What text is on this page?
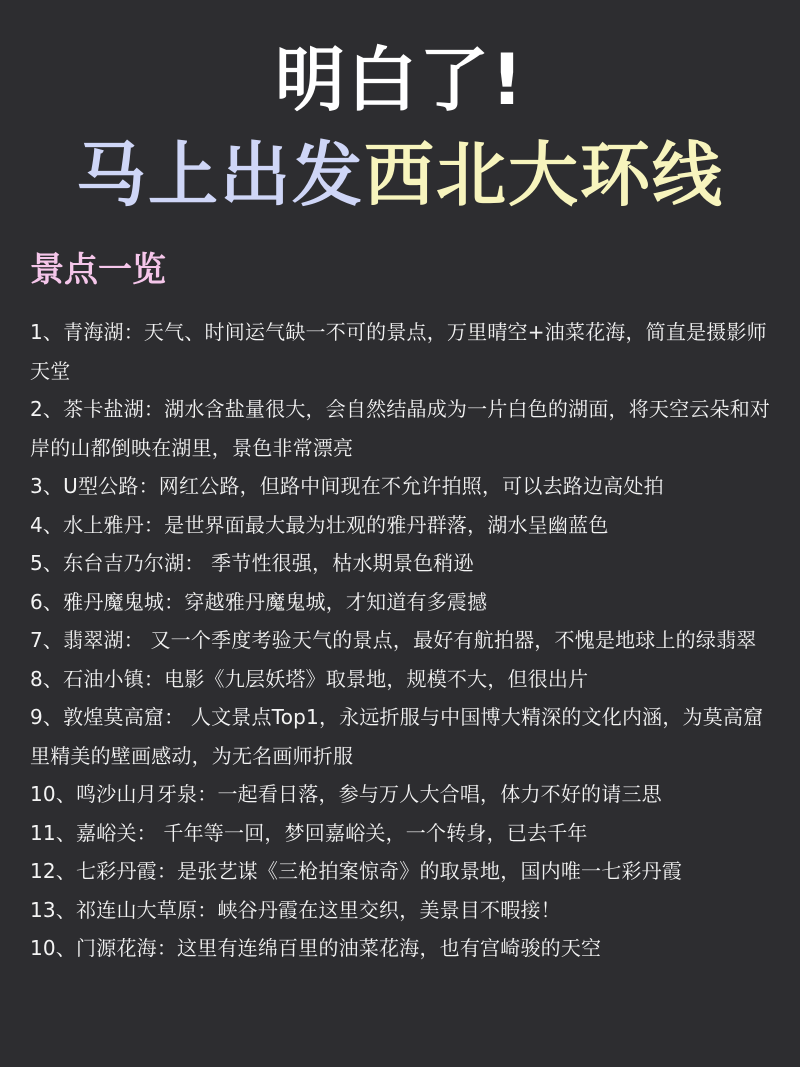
明白了!
马上出发西北大环线
景点一览
1、青海湖：天气、时间运气缺一不可的景点，万里晴空+油菜花海，简直是摄影师天堂
2、茶卡盐湖：湖水含盐量很大，会自然结晶成为一片白色的湖面，将天空云朵和对岸的山都倒映在湖里，景色非常漂亮
3、U型公路：网红公路，但路中间现在不允许拍照，可以去路边高处拍
4、水上雅丹：是世界面最大最为壮观的雅丹群落，湖水呈幽蓝色
5、东台吉乃尔湖： 季节性很强，枯水期景色稍逊
6、雅丹魔鬼城：穿越雅丹魔鬼城，才知道有多震撼
7、翡翠湖： 又一个季度考验天气的景点，最好有航拍器，不愧是地球上的绿翡翠
8、石油小镇：电影《九层妖塔》取景地，规模不大，但很出片
9、敦煌莫高窟： 人文景点Top1，永远折服与中国博大精深的文化内涵，为莫高窟里精美的壁画感动，为无名画师折服
10、鸣沙山月牙泉：一起看日落，参与万人大合唱，体力不好的请三思
11、嘉峪关： 千年等一回，梦回嘉峪关，一个转身，已去千年
12、七彩丹霞：是张艺谋《三枪拍案惊奇》的取景地，国内唯一七彩丹霞
13、祁连山大草原：峡谷丹霞在这里交织，美景目不暇接！
10、门源花海：这里有连绵百里的油菜花海，也有宫崎骏的天空
